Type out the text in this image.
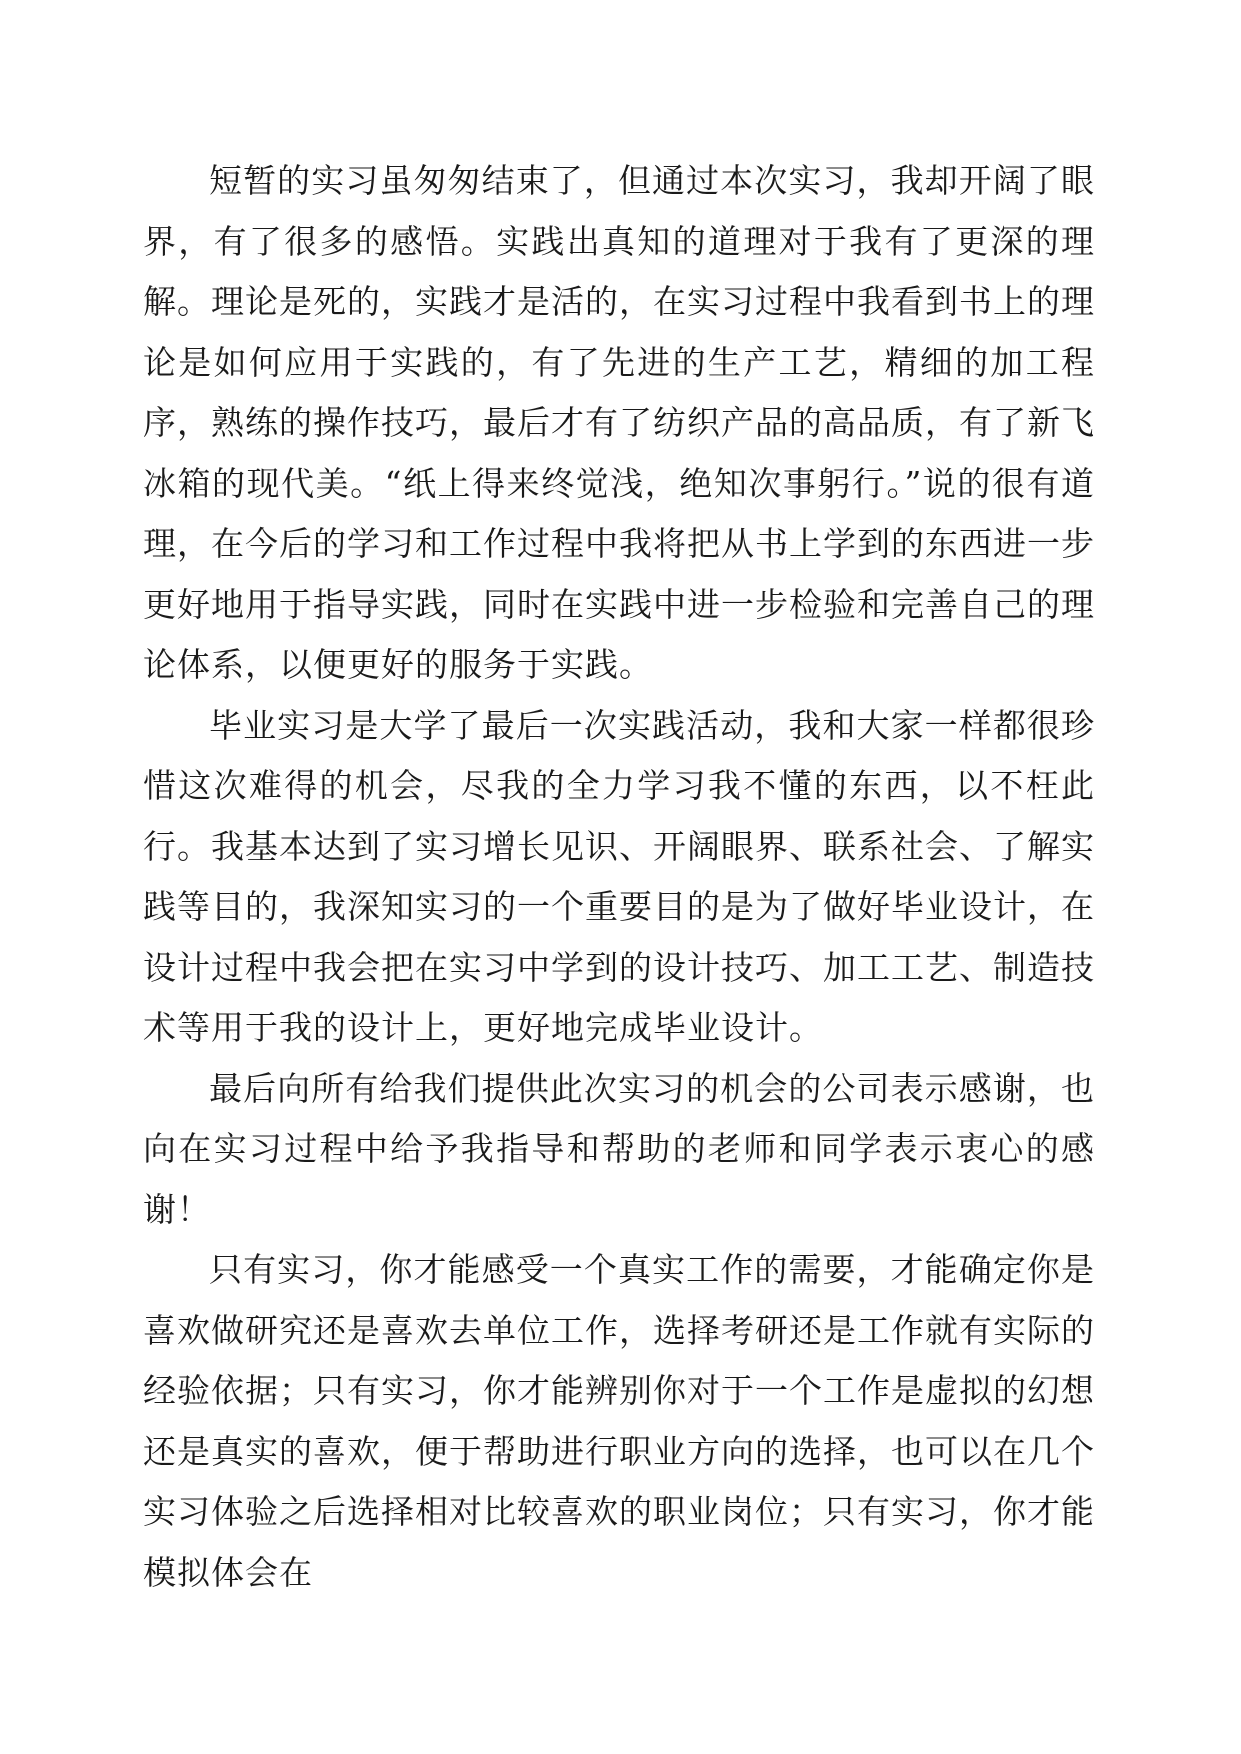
短暂的实习虽匆匆结束了，但通过本次实习，我却开阔了眼界，有了很多的感悟。实践出真知的道理对于我有了更深的理解。理论是死的，实践才是活的，在实习过程中我看到书上的理论是如何应用于实践的，有了先进的生产工艺，精细的加工程序，熟练的操作技巧，最后才有了纺织产品的高品质，有了新飞冰箱的现代美。“纸上得来终觉浅，绝知次事躬行。”说的很有道理，在今后的学习和工作过程中我将把从书上学到的东西进一步更好地用于指导实践，同时在实践中进一步检验和完善自己的理论体系，以便更好的服务于实践。

毕业实习是大学了最后一次实践活动，我和大家一样都很珍惜这次难得的机会，尽我的全力学习我不懂的东西，以不枉此行。我基本达到了实习增长见识、开阔眼界、联系社会、了解实践等目的，我深知实习的一个重要目的是为了做好毕业设计，在设计过程中我会把在实习中学到的设计技巧、加工工艺、制造技术等用于我的设计上，更好地完成毕业设计。

最后向所有给我们提供此次实习的机会的公司表示感谢，也向在实习过程中给予我指导和帮助的老师和同学表示衷心的感谢！

只有实习，你才能感受一个真实工作的需要，才能确定你是喜欢做研究还是喜欢去单位工作，选择考研还是工作就有实际的经验依据；只有实习，你才能辨别你对于一个工作是虚拟的幻想还是真实的喜欢，便于帮助进行职业方向的选择，也可以在几个实习体验之后选择相对比较喜欢的职业岗位；只有实习，你才能模拟体会在
